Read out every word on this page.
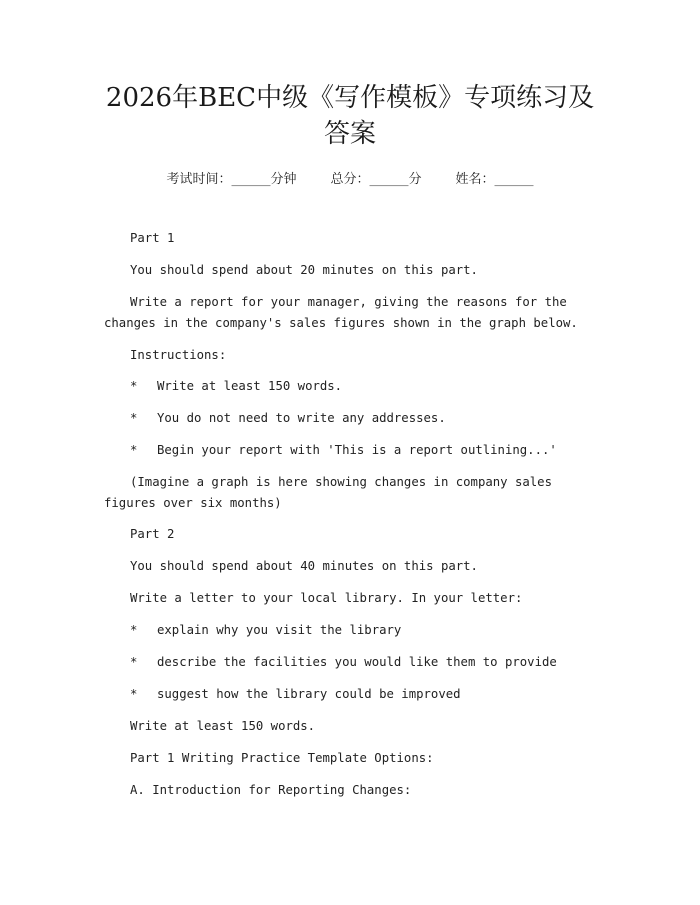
2026年BEC中级《写作模板》专项练习及答案
考试时间：______分钟	总分：______分	姓名：______
Part 1
You should spend about 20 minutes on this part.
Write a report for your manager, giving the reasons for the changes in the company's sales figures shown in the graph below.
Instructions:
* Write at least 150 words.
* You do not need to write any addresses.
* Begin your report with 'This is a report outlining...'
(Imagine a graph is here showing changes in company sales figures over six months)
Part 2
You should spend about 40 minutes on this part.
Write a letter to your local library. In your letter:
* explain why you visit the library
* describe the facilities you would like them to provide
* suggest how the library could be improved
Write at least 150 words.
Part 1 Writing Practice Template Options:
A. Introduction for Reporting Changes:
